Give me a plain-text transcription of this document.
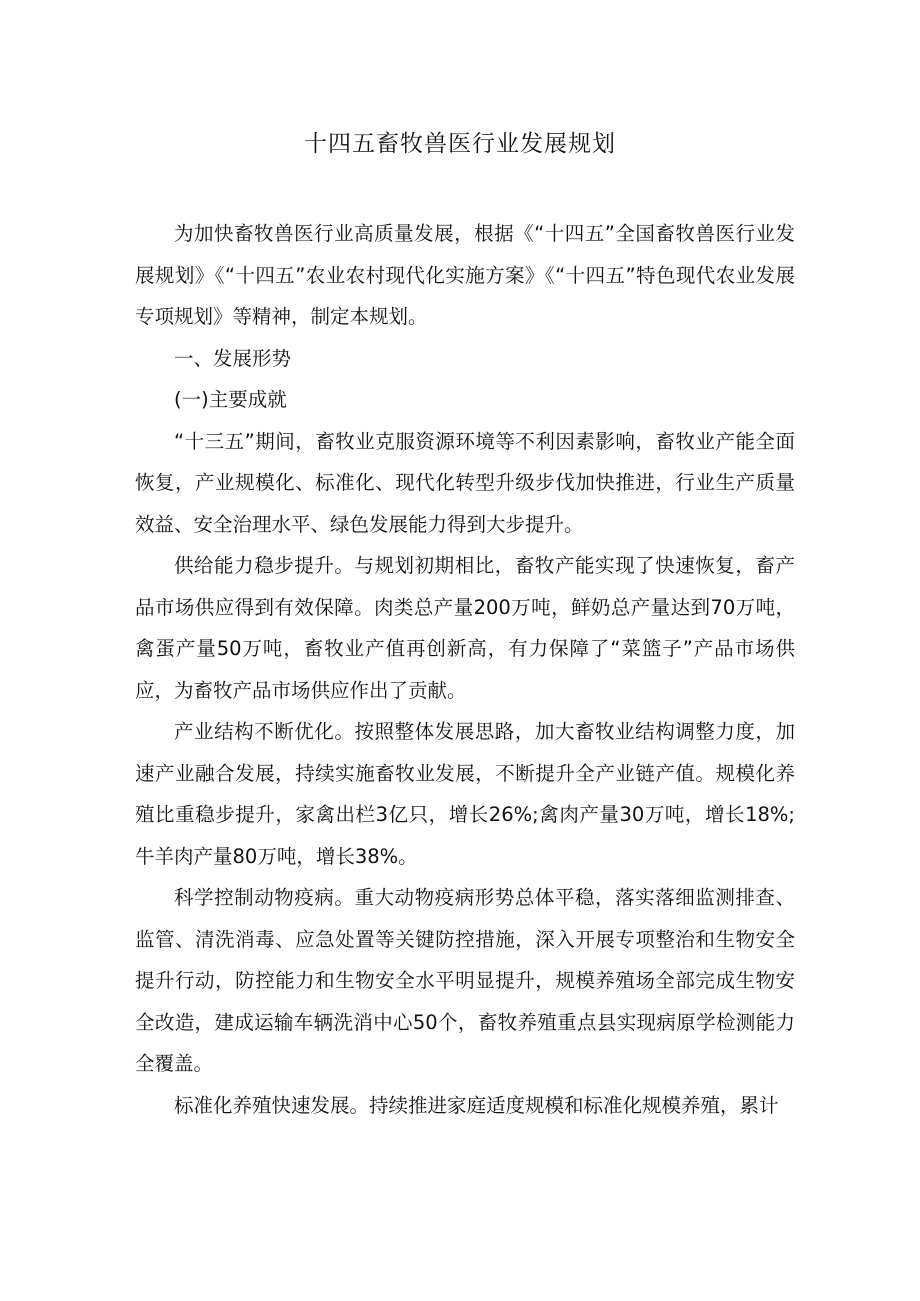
十四五畜牧兽医行业发展规划

为加快畜牧兽医行业高质量发展，根据《“十四五”全国畜牧兽医行业发展规划》《“十四五”农业农村现代化实施方案》《“十四五”特色现代农业发展专项规划》等精神，制定本规划。

一、发展形势

(一)主要成就

“十三五”期间，畜牧业克服资源环境等不利因素影响，畜牧业产能全面恢复，产业规模化、标准化、现代化转型升级步伐加快推进，行业生产质量效益、安全治理水平、绿色发展能力得到大步提升。

供给能力稳步提升。与规划初期相比，畜牧产能实现了快速恢复，畜产品市场供应得到有效保障。肉类总产量200万吨，鲜奶总产量达到70万吨，禽蛋产量50万吨，畜牧业产值再创新高，有力保障了“菜篮子”产品市场供应，为畜牧产品市场供应作出了贡献。

产业结构不断优化。按照整体发展思路，加大畜牧业结构调整力度，加速产业融合发展，持续实施畜牧业发展，不断提升全产业链产值。规模化养殖比重稳步提升，家禽出栏3亿只，增长26%;禽肉产量30万吨，增长18%;牛羊肉产量80万吨，增长38%。

科学控制动物疫病。重大动物疫病形势总体平稳，落实落细监测排查、监管、清洗消毒、应急处置等关键防控措施，深入开展专项整治和生物安全提升行动，防控能力和生物安全水平明显提升，规模养殖场全部完成生物安全改造，建成运输车辆洗消中心50个，畜牧养殖重点县实现病原学检测能力全覆盖。

标准化养殖快速发展。持续推进家庭适度规模和标准化规模养殖，累计
